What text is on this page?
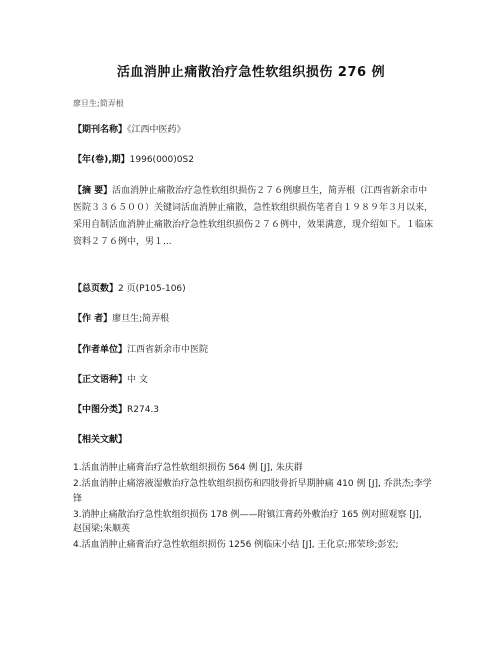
活血消肿止痛散治疗急性软组织损伤 276 例
廖旦生;简弄根
【期刊名称】《江西中医药》
【年(卷),期】1996(000)0S2
【摘 要】活血消肿止痛散治疗急性软组织损伤２７６例廖旦生，简弄根（江西省新余市中医院３３６５００）关键词活血消肿止痛散，急性软组织损伤笔者自１９８９年３月以来，采用自制活血消肿止痛散治疗急性软组织损伤２７６例中，效果满意，现介绍如下。１临床资料２７６例中，男１...
【总页数】2 页(P105-106)
【作 者】廖旦生;简弄根
【作者单位】江西省新余市中医院
【正文语种】中 文
【中图分类】R274.3
【相关文献】
1.活血消肿止痛膏治疗急性软组织损伤 564 例 [J], 朱庆群
2.活血消肿止痛溶液湿敷治疗急性软组织损伤和四肢骨折早期肿痛 410 例 [J], 乔洪杰;李学锋
3.消肿止痛散治疗急性软组织损伤 178 例——附镇江膏药外敷治疗 165 例对照观察 [J], 赵国梁;朱顺英
4.活血消肿止痛膏治疗急性软组织损伤 1256 例临床小结 [J], 王化京;邢荣珍;彭宏;
